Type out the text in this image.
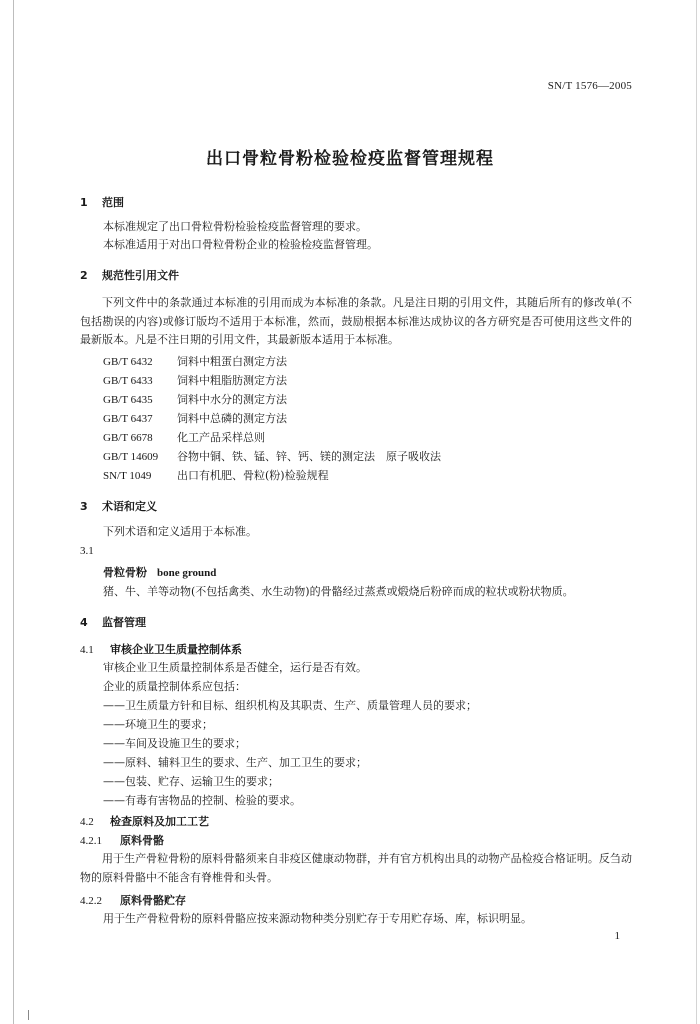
SN/T 1576—2005
出口骨粒骨粉检验检疫监督管理规程
1 范围
本标准规定了出口骨粒骨粉检验检疫监督管理的要求。
本标准适用于对出口骨粒骨粉企业的检验检疫监督管理。
2 规范性引用文件
下列文件中的条款通过本标准的引用而成为本标准的条款。凡是注日期的引用文件，其随后所有的修改单(不包括勘误的内容)或修订版均不适用于本标准，然而，鼓励根据本标准达成协议的各方研究是否可使用这些文件的最新版本。凡是不注日期的引用文件，其最新版本适用于本标准。
GB/T 6432 饲料中粗蛋白测定方法
GB/T 6433 饲料中粗脂肪测定方法
GB/T 6435 饲料中水分的测定方法
GB/T 6437 饲料中总磷的测定方法
GB/T 6678 化工产品采样总则
GB/T 14609 谷物中铜、铁、锰、锌、钙、镁的测定法　原子吸收法
SN/T 1049 出口有机肥、骨粒(粉)检验规程
3 术语和定义
下列术语和定义适用于本标准。
3.1
骨粒骨粉 bone ground
猪、牛、羊等动物(不包括禽类、水生动物)的骨骼经过蒸煮或煅烧后粉碎而成的粒状或粉状物质。
4 监督管理
4.1 审核企业卫生质量控制体系
审核企业卫生质量控制体系是否健全，运行是否有效。
企业的质量控制体系应包括：
——卫生质量方针和目标、组织机构及其职责、生产、质量管理人员的要求；
——环境卫生的要求；
——车间及设施卫生的要求；
——原料、辅料卫生的要求、生产、加工卫生的要求；
——包装、贮存、运输卫生的要求；
——有毒有害物品的控制、检验的要求。
4.2 检查原料及加工工艺
4.2.1 原料骨骼
用于生产骨粒骨粉的原料骨骼须来自非疫区健康动物群，并有官方机构出具的动物产品检疫合格证明。反刍动物的原料骨骼中不能含有脊椎骨和头骨。
4.2.2 原料骨骼贮存
用于生产骨粒骨粉的原料骨骼应按来源动物种类分别贮存于专用贮存场、库，标识明显。
1
